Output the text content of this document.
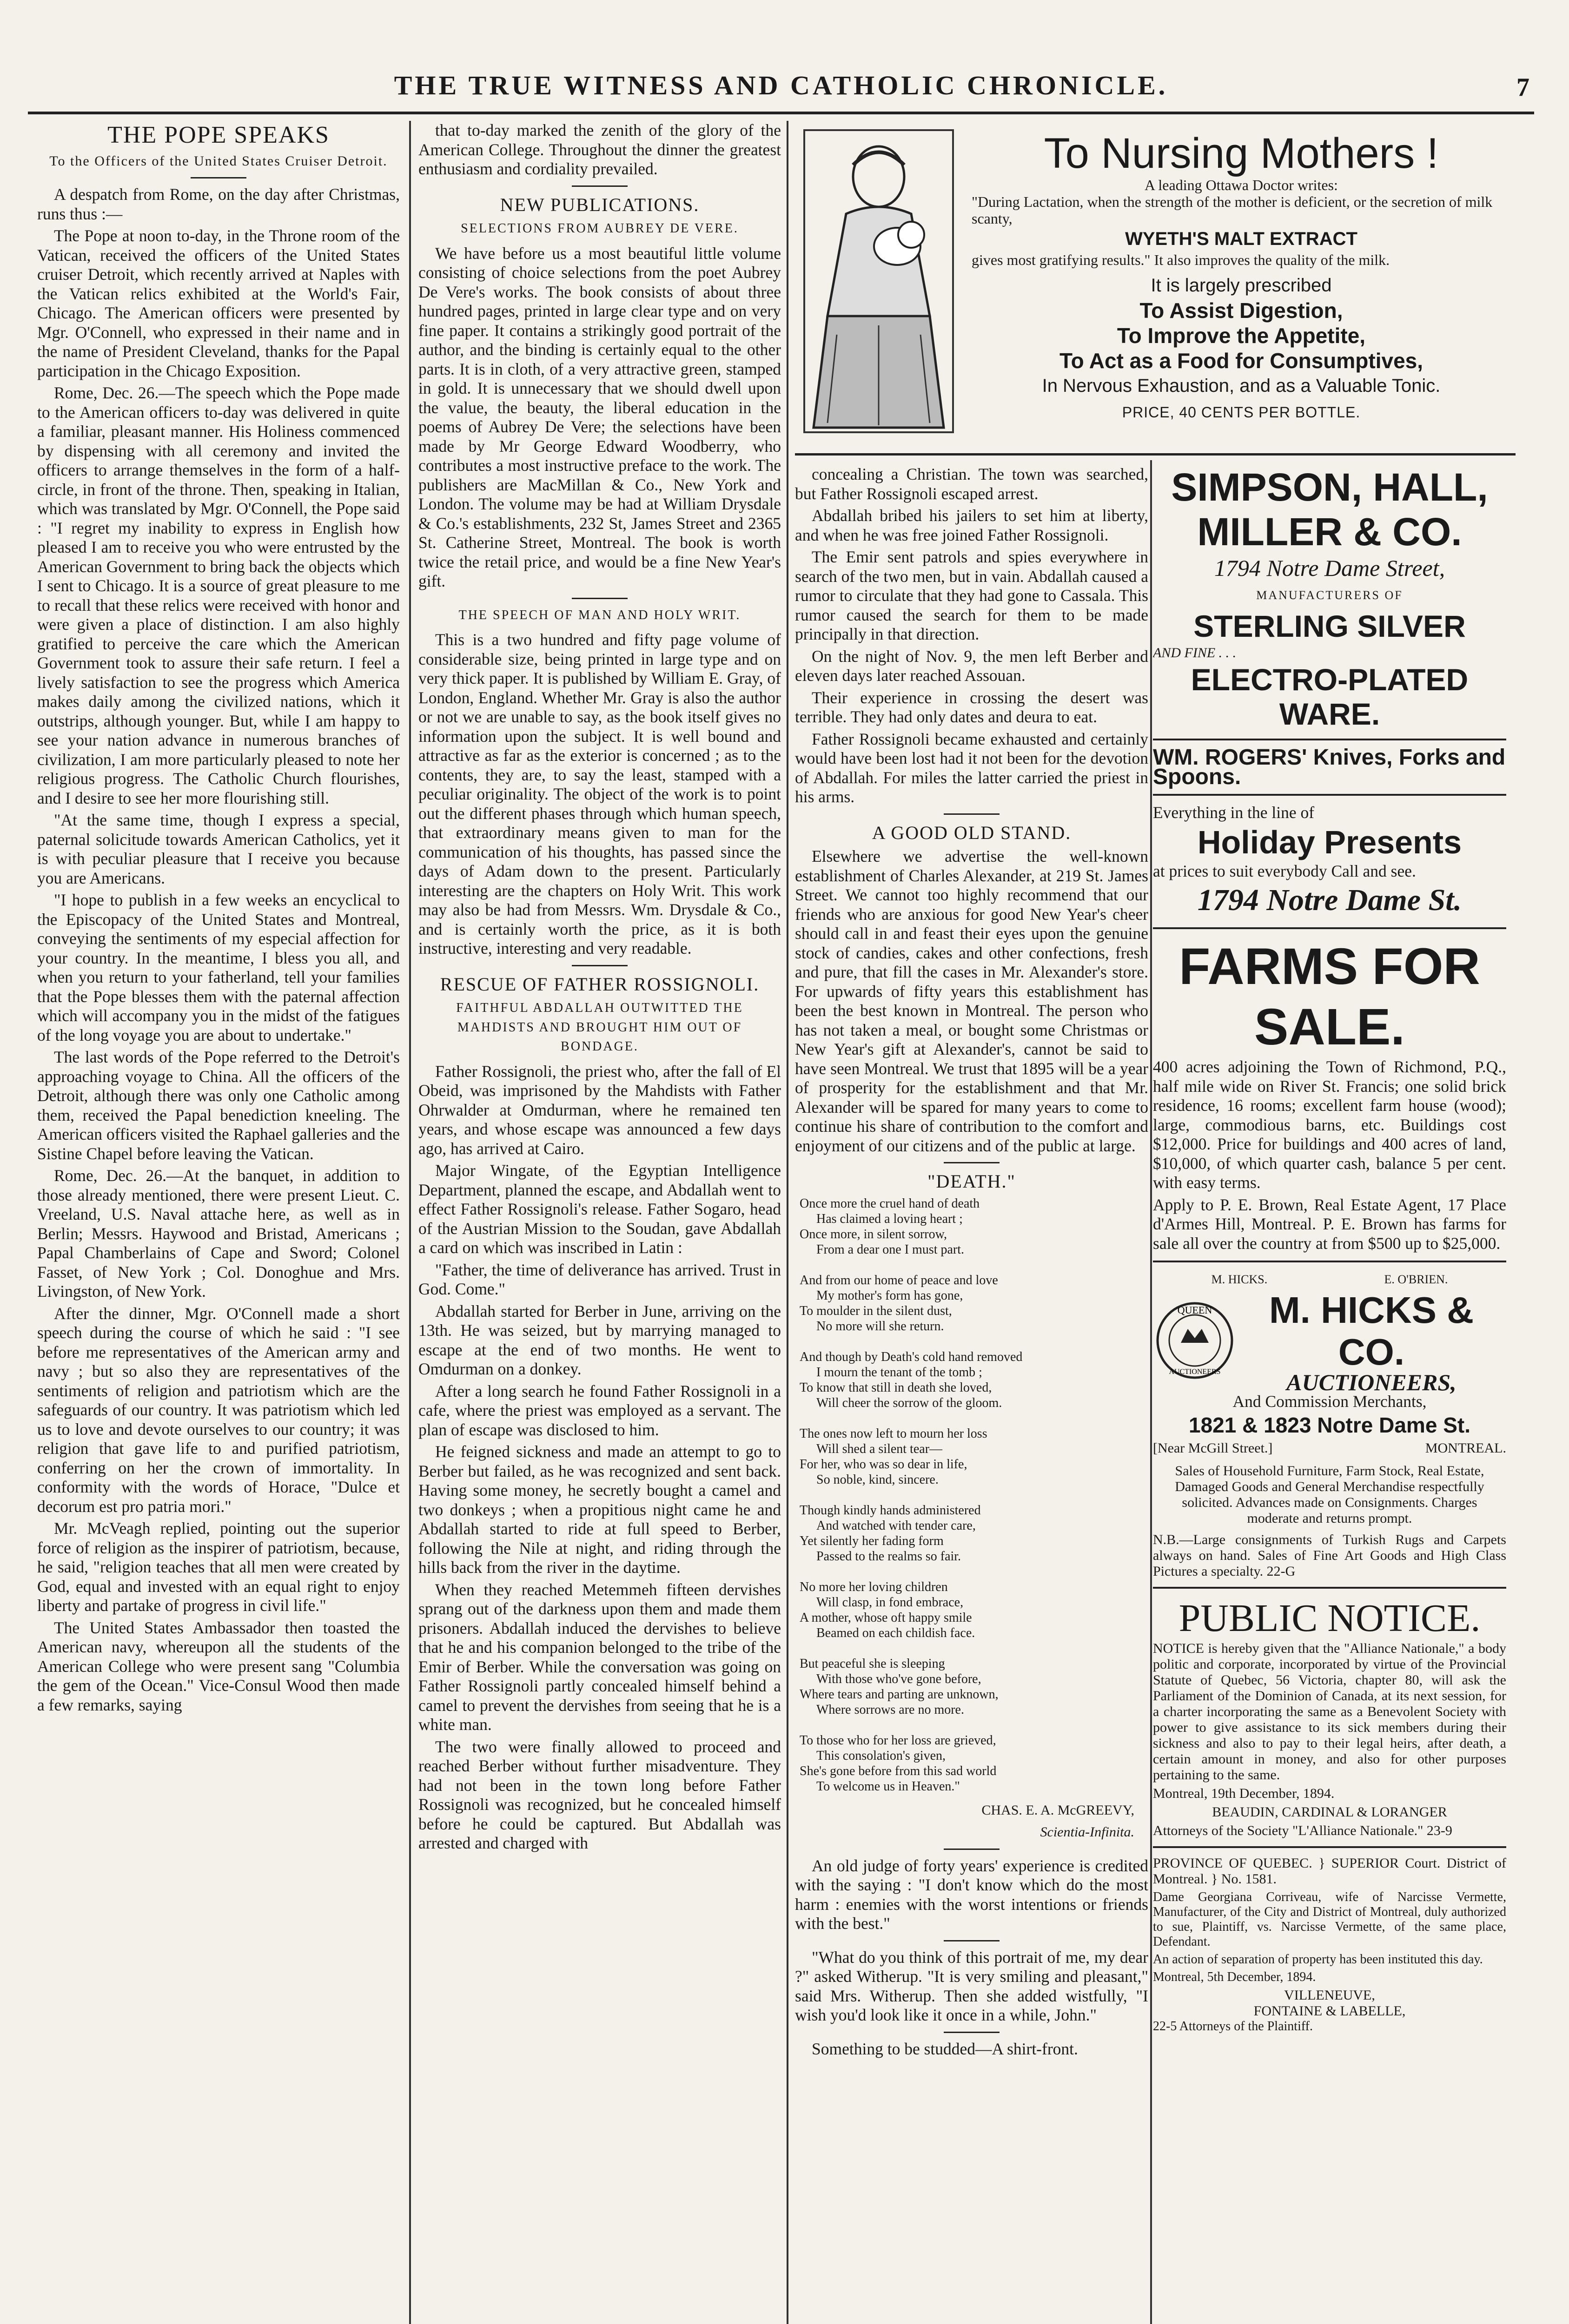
THE TRUE WITNESS AND CATHOLIC CHRONICLE.	7
THE POPE SPEAKS

To the Officers of the United States Cruiser Detroit.

A despatch from Rome, on the day after Christmas, runs thus :—

The Pope at noon to-day, in the Throne room of the Vatican, received the officers of the United States cruiser Detroit, which recently arrived at Naples with the Vatican relics exhibited at the World's Fair, Chicago. The American officers were presented by Mgr. O'Connell, who expressed in their name and in the name of President Cleveland, thanks for the Papal participation in the Chicago Exposition.

Rome, Dec. 26.—The speech which the Pope made to the American officers to-day was delivered in quite a familiar, pleasant manner. His Holiness commenced by dispensing with all ceremony and invited the officers to arrange themselves in the form of a half-circle, in front of the throne. Then, speaking in Italian, which was translated by Mgr. O'Connell, the Pope said : "I regret my inability to express in English how pleased I am to receive you who were entrusted by the American Government to bring back the objects which I sent to Chicago. It is a source of great pleasure to me to recall that these relics were received with honor and were given a place of distinction. I am also highly gratified to perceive the care which the American Government took to assure their safe return. I feel a lively satisfaction to see the progress which America makes daily among the civilized nations, which it outstrips, although younger. But, while I am happy to see your nation advance in numerous branches of civilization, I am more particularly pleased to note her religious progress. The Catholic Church flourishes, and I desire to see her more flourishing still.

"At the same time, though I express a special, paternal solicitude towards American Catholics, yet it is with peculiar pleasure that I receive you because you are Americans.

"I hope to publish in a few weeks an encyclical to the Episcopacy of the United States and Montreal, conveying the sentiments of my especial affection for your country. In the meantime, I bless you all, and when you return to your fatherland, tell your families that the Pope blesses them with the paternal affection which will accompany you in the midst of the fatigues of the long voyage you are about to undertake."

The last words of the Pope referred to the Detroit's approaching voyage to China. All the officers of the Detroit, although there was only one Catholic among them, received the Papal benediction kneeling. The American officers visited the Raphael galleries and the Sistine Chapel before leaving the Vatican.

Rome, Dec. 26.—At the banquet, in addition to those already mentioned, there were present Lieut. C. Vreeland, U.S. Naval attache here, as well as in Berlin; Messrs. Haywood and Bristad, Americans ; Papal Chamberlains of Cape and Sword; Colonel Fasset, of New York ; Col. Donoghue and Mrs. Livingston, of New York.

After the dinner, Mgr. O'Connell made a short speech during the course of which he said : "I see before me representatives of the American army and navy ; but so also they are representatives of the sentiments of religion and patriotism which are the safeguards of our country. It was patriotism which led us to love and devote ourselves to our country; it was religion that gave life to and purified patriotism, conferring on her the crown of immortality. In conformity with the words of Horace, "Dulce et decorum est pro patria mori."

Mr. McVeagh replied, pointing out the superior force of religion as the inspirer of patriotism, because, he said, "religion teaches that all men were created by God, equal and invested with an equal right to enjoy liberty and partake of progress in civil life."

The United States Ambassador then toasted the American navy, whereupon all the students of the American College who were present sang "Columbia the gem of the Ocean." Vice-Consul Wood then made a few remarks, saying

that to-day marked the zenith of the glory of the American College. Throughout the dinner the greatest enthusiasm and cordiality prevailed.

NEW PUBLICATIONS.

SELECTIONS FROM AUBREY DE VERE.

We have before us a most beautiful little volume consisting of choice selections from the poet Aubrey De Vere's works. The book consists of about three hundred pages, printed in large clear type and on very fine paper. It contains a strikingly good portrait of the author, and the binding is certainly equal to the other parts. It is in cloth, of a very attractive green, stamped in gold. It is unnecessary that we should dwell upon the value, the beauty, the liberal education in the poems of Aubrey De Vere; the selections have been made by Mr George Edward Woodberry, who contributes a most instructive preface to the work. The publishers are MacMillan & Co., New York and London. The volume may be had at William Drysdale & Co.'s establishments, 232 St, James Street and 2365 St. Catherine Street, Montreal. The book is worth twice the retail price, and would be a fine New Year's gift.

THE SPEECH OF MAN AND HOLY WRIT.

This is a two hundred and fifty page volume of considerable size, being printed in large type and on very thick paper. It is published by William E. Gray, of London, England. Whether Mr. Gray is also the author or not we are unable to say, as the book itself gives no information upon the subject. It is well bound and attractive as far as the exterior is concerned ; as to the contents, they are, to say the least, stamped with a peculiar originality. The object of the work is to point out the different phases through which human speech, that extraordinary means given to man for the communication of his thoughts, has passed since the days of Adam down to the present. Particularly interesting are the chapters on Holy Writ. This work may also be had from Messrs. Wm. Drysdale & Co., and is certainly worth the price, as it is both instructive, interesting and very readable.

RESCUE OF FATHER ROSSIGNOLI.

FAITHFUL ABDALLAH OUTWITTED THE MAHDISTS AND BROUGHT HIM OUT OF BONDAGE.

Father Rossignoli, the priest who, after the fall of El Obeid, was imprisoned by the Mahdists with Father Ohrwalder at Omdurman, where he remained ten years, and whose escape was announced a few days ago, has arrived at Cairo.

Major Wingate, of the Egyptian Intelligence Department, planned the escape, and Abdallah went to effect Father Rossignoli's release. Father Sogaro, head of the Austrian Mission to the Soudan, gave Abdallah a card on which was inscribed in Latin :

"Father, the time of deliverance has arrived. Trust in God. Come."

Abdallah started for Berber in June, arriving on the 13th. He was seized, but by marrying managed to escape at the end of two months. He went to Omdurman on a donkey.

After a long search he found Father Rossignoli in a cafe, where the priest was employed as a servant. The plan of escape was disclosed to him.

He feigned sickness and made an attempt to go to Berber but failed, as he was recognized and sent back. Having some money, he secretly bought a camel and two donkeys ; when a propitious night came he and Abdallah started to ride at full speed to Berber, following the Nile at night, and riding through the hills back from the river in the daytime.

When they reached Metemmeh fifteen dervishes sprang out of the darkness upon them and made them prisoners. Abdallah induced the dervishes to believe that he and his companion belonged to the tribe of the Emir of Berber. While the conversation was going on Father Rossignoli partly concealed himself behind a camel to prevent the dervishes from seeing that he is a white man.

The two were finally allowed to proceed and reached Berber without further misadventure. They had not been in the town long before Father Rossignoli was recognized, but he concealed himself before he could be captured. But Abdallah was arrested and charged with

To Nursing Mothers !
A leading Ottawa Doctor writes:
"During Lactation, when the strength of the mother is deficient, or the secretion of milk scanty,
WYETH'S MALT EXTRACT
gives most gratifying results." It also improves the quality of the milk.
It is largely prescribed
To Assist Digestion,
To Improve the Appetite,
To Act as a Food for Consumptives,
In Nervous Exhaustion, and as a Valuable Tonic.
PRICE, 40 CENTS PER BOTTLE.

concealing a Christian. The town was searched, but Father Rossignoli escaped arrest.

Abdallah bribed his jailers to set him at liberty, and when he was free joined Father Rossignoli.

The Emir sent patrols and spies everywhere in search of the two men, but in vain. Abdallah caused a rumor to circulate that they had gone to Cassala. This rumor caused the search for them to be made principally in that direction.

On the night of Nov. 9, the men left Berber and eleven days later reached Assouan.

Their experience in crossing the desert was terrible. They had only dates and deura to eat.

Father Rossignoli became exhausted and certainly would have been lost had it not been for the devotion of Abdallah. For miles the latter carried the priest in his arms.

A GOOD OLD STAND.

Elsewhere we advertise the well-known establishment of Charles Alexander, at 219 St. James Street. We cannot too highly recommend that our friends who are anxious for good New Year's cheer should call in and feast their eyes upon the genuine stock of candies, cakes and other confections, fresh and pure, that fill the cases in Mr. Alexander's store. For upwards of fifty years this establishment has been the best known in Montreal. The person who has not taken a meal, or bought some Christmas or New Year's gift at Alexander's, cannot be said to have seen Montreal. We trust that 1895 will be a year of prosperity for the establishment and that Mr. Alexander will be spared for many years to come to continue his share of contribution to the comfort and enjoyment of our citizens and of the public at large.

"DEATH."
Once more the cruel hand of death
Has claimed a loving heart ;
Once more, in silent sorrow,
From a dear one I must part.

And from our home of peace and love
My mother's form has gone,
To moulder in the silent dust,
No more will she return.

And though by Death's cold hand removed
I mourn the tenant of the tomb ;
To know that still in death she loved,
Will cheer the sorrow of the gloom.

The ones now left to mourn her loss
Will shed a silent tear—
For her, who was so dear in life,
So noble, kind, sincere.

Though kindly hands administered
And watched with tender care,
Yet silently her fading form
Passed to the realms so fair.

No more her loving children
Will clasp, in fond embrace,
A mother, whose oft happy smile
Beamed on each childish face.

But peaceful she is sleeping
With those who've gone before,
Where tears and parting are unknown,
Where sorrows are no more.

To those who for her loss are grieved,
This consolation's given,
She's gone before from this sad world
To welcome us in Heaven."

CHAS. E. A. McGREEVY,

Scientia-Infinita.

An old judge of forty years' experience is credited with the saying : "I don't know which do the most harm : enemies with the worst intentions or friends with the best."

"What do you think of this portrait of me, my dear ?" asked Witherup. "It is very smiling and pleasant," said Mrs. Witherup. Then she added wistfully, "I wish you'd look like it once in a while, John."

Something to be studded—A shirt-front.

SIMPSON, HALL,
MILLER & CO.
1794 Notre Dame Street,
MANUFACTURERS OF
STERLING SILVER
AND FINE . . .
ELECTRO-PLATED WARE.
WM. ROGERS' Knives, Forks and Spoons.
Everything in the line of
Holiday Presents
at prices to suit everybody Call and see.
1794 Notre Dame St.
FARMS FOR SALE.

400 acres adjoining the Town of Richmond, P.Q., half mile wide on River St. Francis; one solid brick residence, 16 rooms; excellent farm house (wood); large, commodious barns, etc. Buildings cost $12,000. Price for buildings and 400 acres of land, $10,000, of which quarter cash, balance 5 per cent. with easy terms.

Apply to P. E. Brown, Real Estate Agent, 17 Place d'Armes Hill, Montreal. P. E. Brown has farms for sale all over the country at from $500 up to $25,000.

M. HICKS.	E. O'BRIEN.
QUEEN
AUCTIONEERS
M. HICKS & CO.
AUCTIONEERS,
And Commission Merchants,
1821 & 1823 Notre Dame St.
[Near McGill Street.]	MONTREAL.

Sales of Household Furniture, Farm Stock, Real Estate, Damaged Goods and General Merchandise respectfully solicited. Advances made on Consignments. Charges moderate and returns prompt.

N.B.—Large consignments of Turkish Rugs and Carpets always on hand. Sales of Fine Art Goods and High Class Pictures a specialty. 22-G

PUBLIC NOTICE.

NOTICE is hereby given that the "Alliance Nationale," a body politic and corporate, incorporated by virtue of the Provincial Statute of Quebec, 56 Victoria, chapter 80, will ask the Parliament of the Dominion of Canada, at its next session, for a charter incorporating the same as a Benevolent Society with power to give assistance to its sick members during their sickness and also to pay to their legal heirs, after death, a certain amount in money, and also for other purposes pertaining to the same.

Montreal, 19th December, 1894.

BEAUDIN, CARDINAL & LORANGER

Attorneys of the Society "L'Alliance Nationale." 23-9

PROVINCE OF QUEBEC. } SUPERIOR Court. District of Montreal. } No. 1581.

Dame Georgiana Corriveau, wife of Narcisse Vermette, Manufacturer, of the City and District of Montreal, duly authorized to sue, Plaintiff, vs. Narcisse Vermette, of the same place, Defendant.

An action of separation of property has been instituted this day.

Montreal, 5th December, 1894.

VILLENEUVE,

FONTAINE & LABELLE,

22-5 Attorneys of the Plaintiff.
